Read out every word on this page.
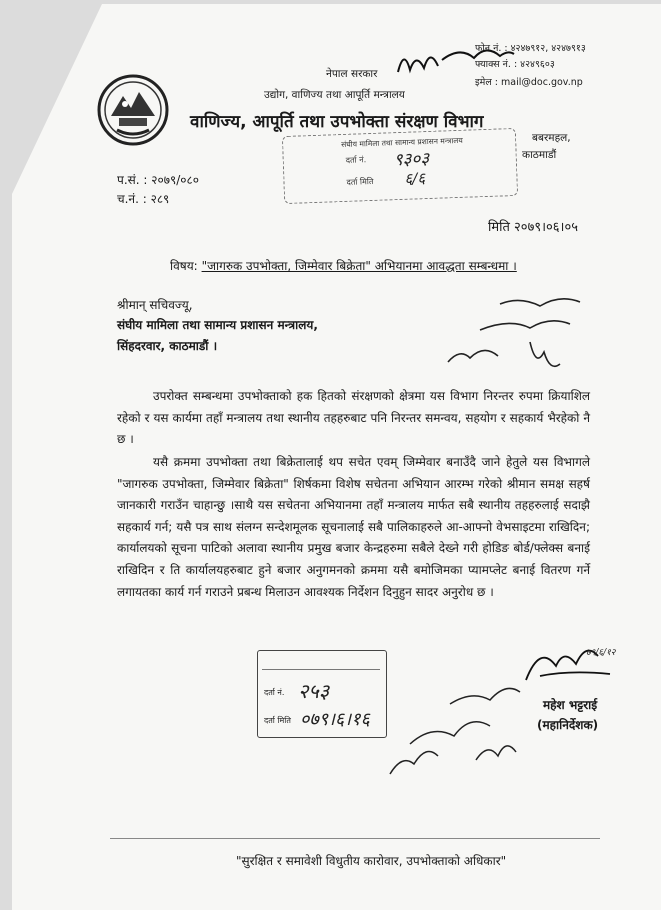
नेपाल सरकार
उद्योग, वाणिज्य तथा आपूर्ति मन्त्रालय
वाणिज्य, आपूर्ति तथा उपभोक्ता संरक्षण विभाग
फोन नं. : ४२४७९१२, ४२४७९१३
फ्याक्स नं. : ४२४९६०३
इमेल : mail@doc.gov.np
बबरमहल,
काठमाडौं
संघीय मामिला तथा सामान्य प्रशासन मन्त्रालय
दर्ता नं. ९३०३
दर्ता मिति ६/६
प.सं. : २०७९/०८०
च.नं. : २८९
मिति २०७९।०६।०५
विषय: "जागरुक उपभोक्ता, जिम्मेवार बिक्रेता" अभियानमा आवद्धता सम्बन्धमा ।
श्रीमान् सचिवज्यू,
संघीय मामिला तथा सामान्य प्रशासन मन्त्रालय,
सिंहदरवार, काठमाडौं ।

उपरोक्त सम्बन्धमा उपभोक्ताको हक हितको संरक्षणको क्षेत्रमा यस विभाग निरन्तर रुपमा क्रियाशिल रहेको र यस कार्यमा तहाँ मन्त्रालय तथा स्थानीय तहहरुबाट पनि निरन्तर समन्वय, सहयोग र सहकार्य भैरहेको नै छ ।

यसै क्रममा उपभोक्ता तथा बिक्रेतालाई थप सचेत एवम् जिम्मेवार बनाउँदै जाने हेतुले यस विभागले "जागरुक उपभोक्ता, जिम्मेवार बिक्रेता" शिर्षकमा विशेष सचेतना अभियान आरम्भ गरेको श्रीमान समक्ष सहर्ष जानकारी गराउँन चाहान्छु ।साथै यस सचेतना अभियानमा तहाँ मन्त्रालय मार्फत सबै स्थानीय तहहरुलाई सदाझै सहकार्य गर्न; यसै पत्र साथ संलग्न सन्देशमूलक सूचनालाई सबै पालिकाहरुले आ-आफ्नो वेभसाइटमा राखिदिन; कार्यालयको सूचना पाटिको अलावा स्थानीय प्रमुख बजार केन्द्रहरुमा सबैले देख्ने गरी होडिङ बोर्ड/फ्लेक्स बनाई राखिदिन र ति कार्यालयहरुबाट हुने बजार अनुगमनको क्रममा यसै बमोजिमका प्यामप्लेट बनाई वितरण गर्ने लगायतका कार्य गर्न गराउने प्रबन्ध मिलाउन आवश्यक निर्देशन दिनुहुन सादर अनुरोध छ ।

दर्ता नं. २५३
दर्ता मिति ०७९।६।१६
७९/६/१२
महेश भट्टराई
(महानिर्देशक)
"सुरक्षित र समावेशी विधुतीय कारोवार, उपभोक्ताको अधिकार"
